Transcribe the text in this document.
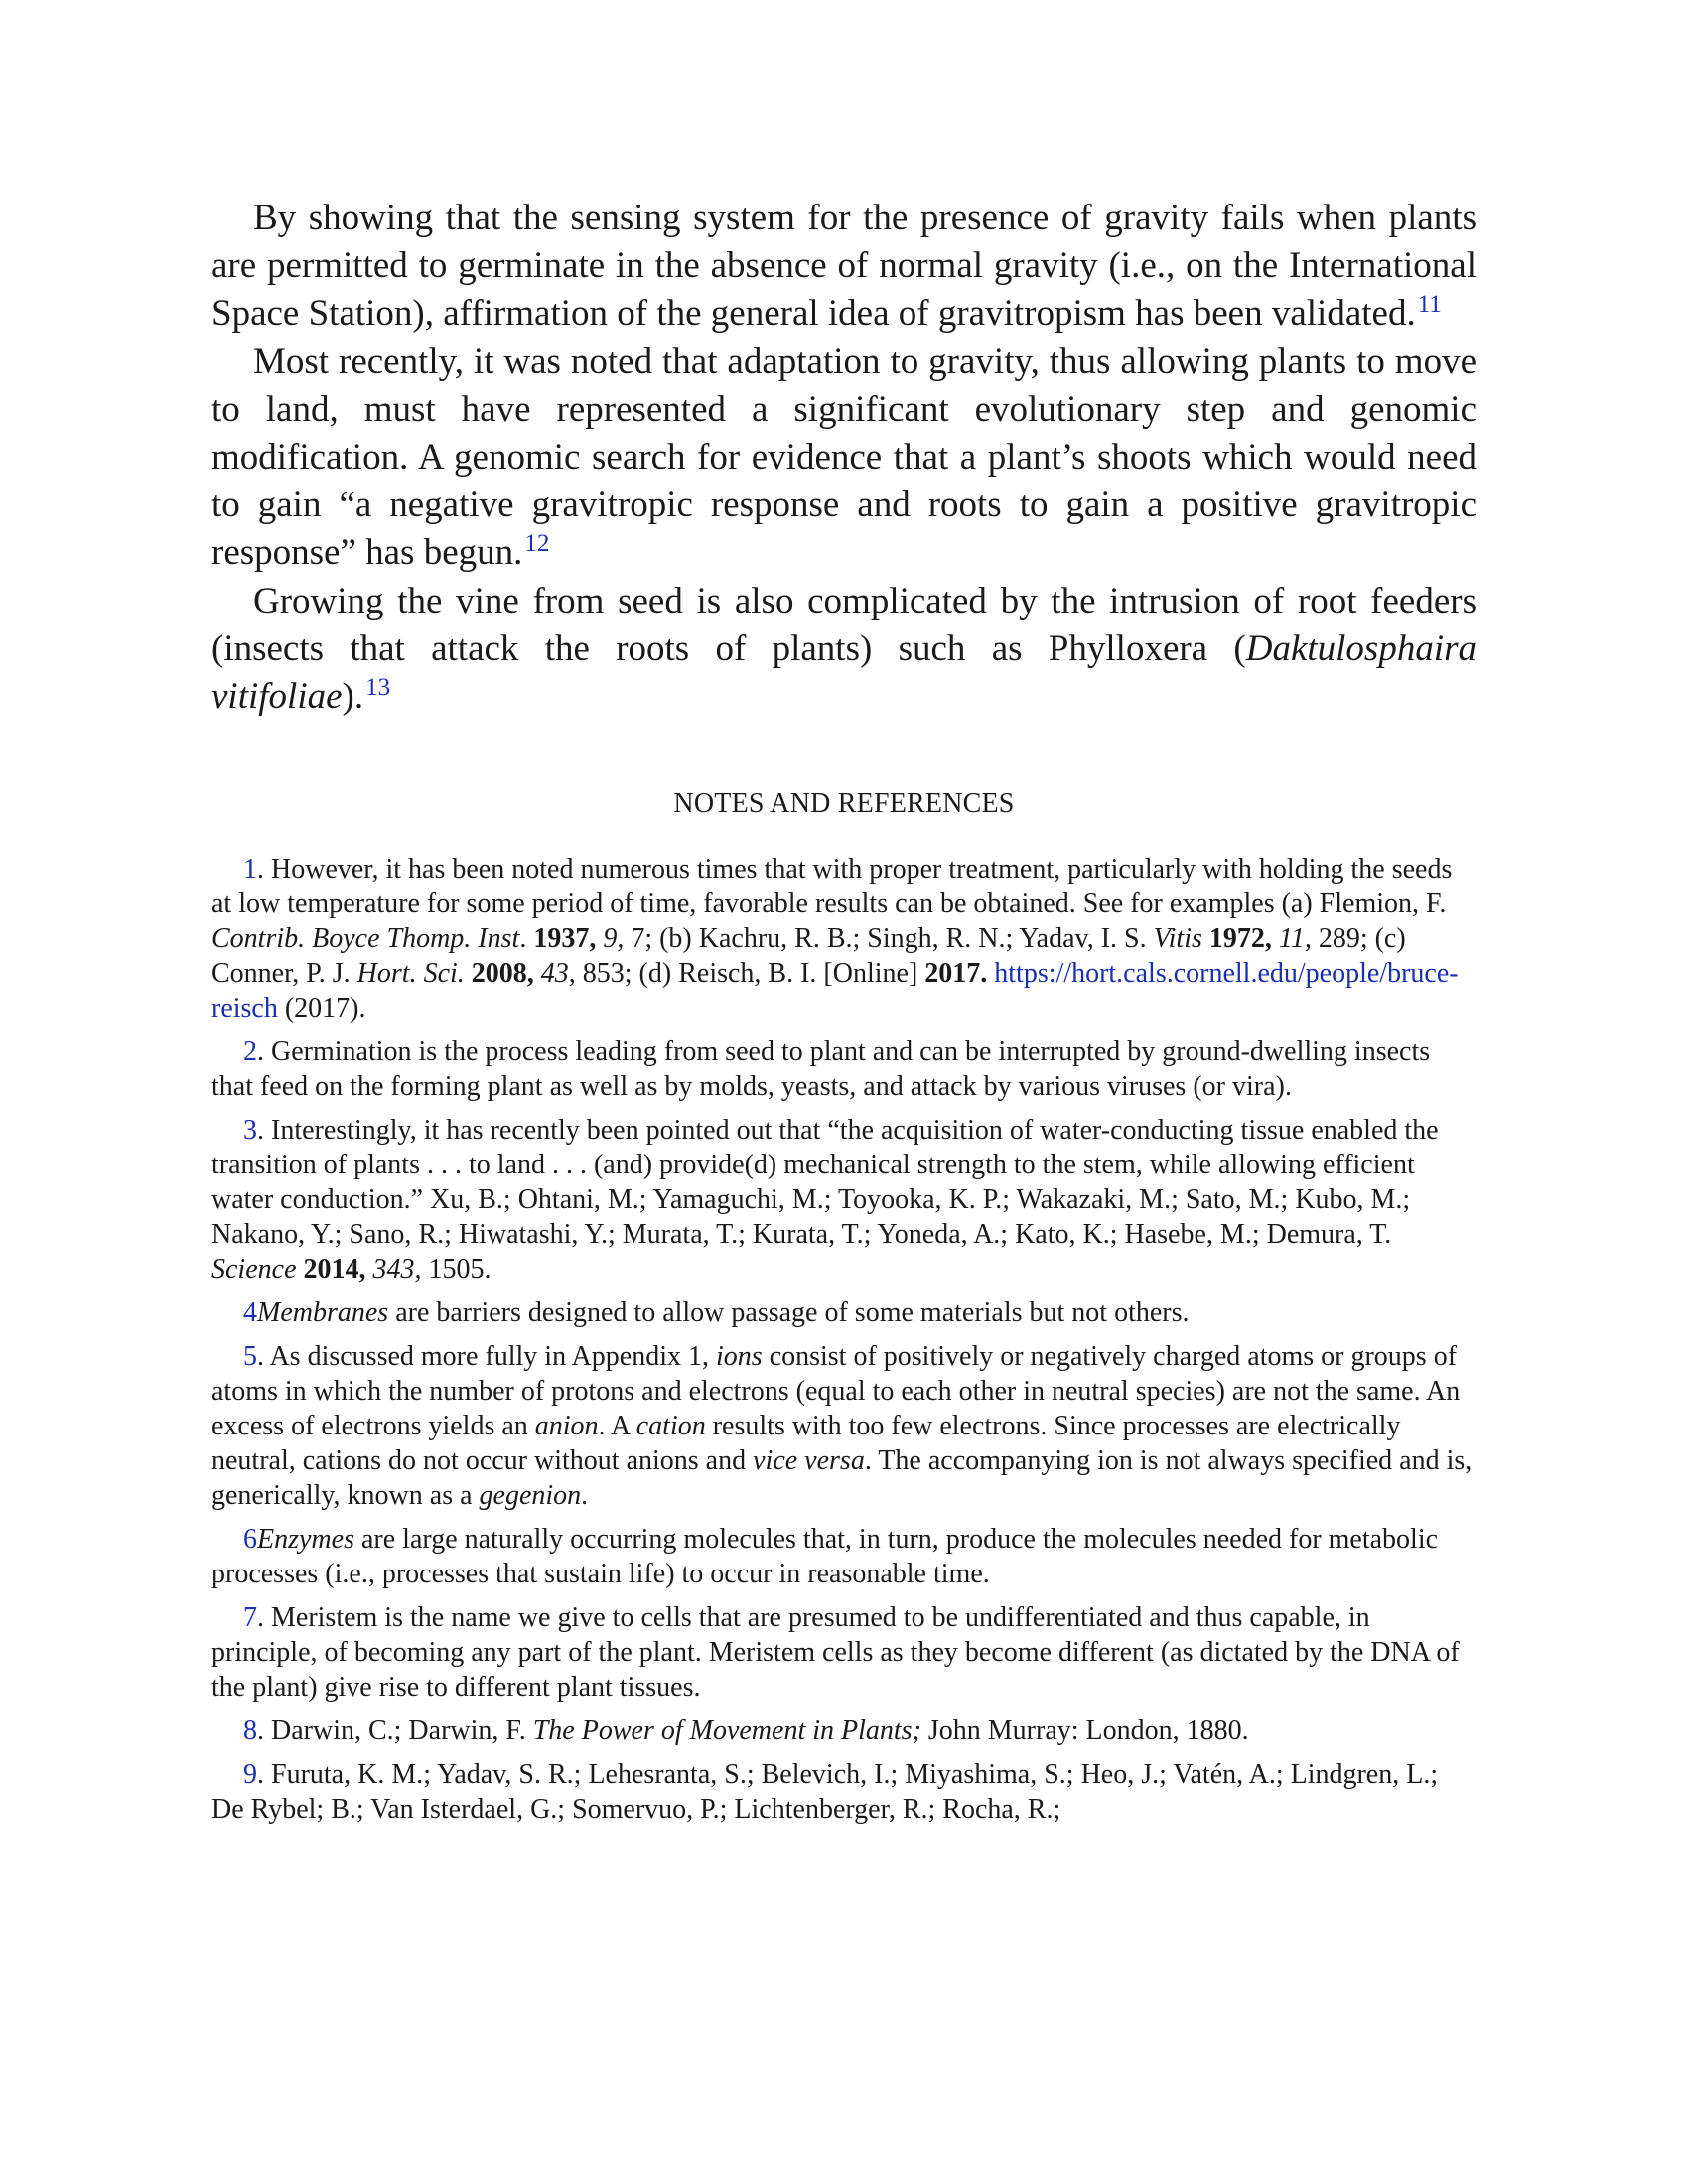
By showing that the sensing system for the presence of gravity fails when plants are permitted to germinate in the absence of normal gravity (i.e., on the International Space Station), affirmation of the general idea of gravitropism has been validated.$^{11}$

Most recently, it was noted that adaptation to gravity, thus allowing plants to move to land, must have represented a significant evolutionary step and genomic modification. A genomic search for evidence that a plant’s shoots which would need to gain “a negative gravitropic response and roots to gain a positive gravitropic response” has begun.$^{12}$

Growing the vine from seed is also complicated by the intrusion of root feeders (insects that attack the roots of plants) such as Phylloxera (Daktulosphaira vitifoliae).$^{13}$

NOTES AND REFERENCES

1. However, it has been noted numerous times that with proper treatment, particularly with holding the seeds at low temperature for some period of time, favorable results can be obtained. See for examples (a) Flemion, F. Contrib. Boyce Thomp. Inst. 1937, 9, 7; (b) Kachru, R. B.; Singh, R. N.; Yadav, I. S. Vitis 1972, 11, 289; (c) Conner, P. J. Hort. Sci. 2008, 43, 853; (d) Reisch, B. I. [Online] 2017. https://hort.cals.cornell.edu/people/bruce-reisch (2017).

2. Germination is the process leading from seed to plant and can be interrupted by ground-dwelling insects that feed on the forming plant as well as by molds, yeasts, and attack by various viruses (or vira).

3. Interestingly, it has recently been pointed out that “the acquisition of water-conducting tissue enabled the transition of plants . . . to land . . . (and) provide(d) mechanical strength to the stem, while allowing efficient water conduction.” Xu, B.; Ohtani, M.; Yamaguchi, M.; Toyooka, K. P.; Wakazaki, M.; Sato, M.; Kubo, M.; Nakano, Y.; Sano, R.; Hiwatashi, Y.; Murata, T.; Kurata, T.; Yoneda, A.; Kato, K.; Hasebe, M.; Demura, T. Science 2014, 343, 1505.

4Membranes are barriers designed to allow passage of some materials but not others.

5. As discussed more fully in Appendix 1, ions consist of positively or negatively charged atoms or groups of atoms in which the number of protons and electrons (equal to each other in neutral species) are not the same. An excess of electrons yields an anion. A cation results with too few electrons. Since processes are electrically neutral, cations do not occur without anions and vice versa. The accompanying ion is not always specified and is, generically, known as a gegenion.

6Enzymes are large naturally occurring molecules that, in turn, produce the molecules needed for metabolic processes (i.e., processes that sustain life) to occur in reasonable time.

7. Meristem is the name we give to cells that are presumed to be undifferentiated and thus capable, in principle, of becoming any part of the plant. Meristem cells as they become different (as dictated by the DNA of the plant) give rise to different plant tissues.

8. Darwin, C.; Darwin, F. The Power of Movement in Plants; John Murray: London, 1880.

9. Furuta, K. M.; Yadav, S. R.; Lehesranta, S.; Belevich, I.; Miyashima, S.; Heo, J.; Vatén, A.; Lindgren, L.; De Rybel; B.; Van Isterdael, G.; Somervuo, P.; Lichtenberger, R.; Rocha, R.;
